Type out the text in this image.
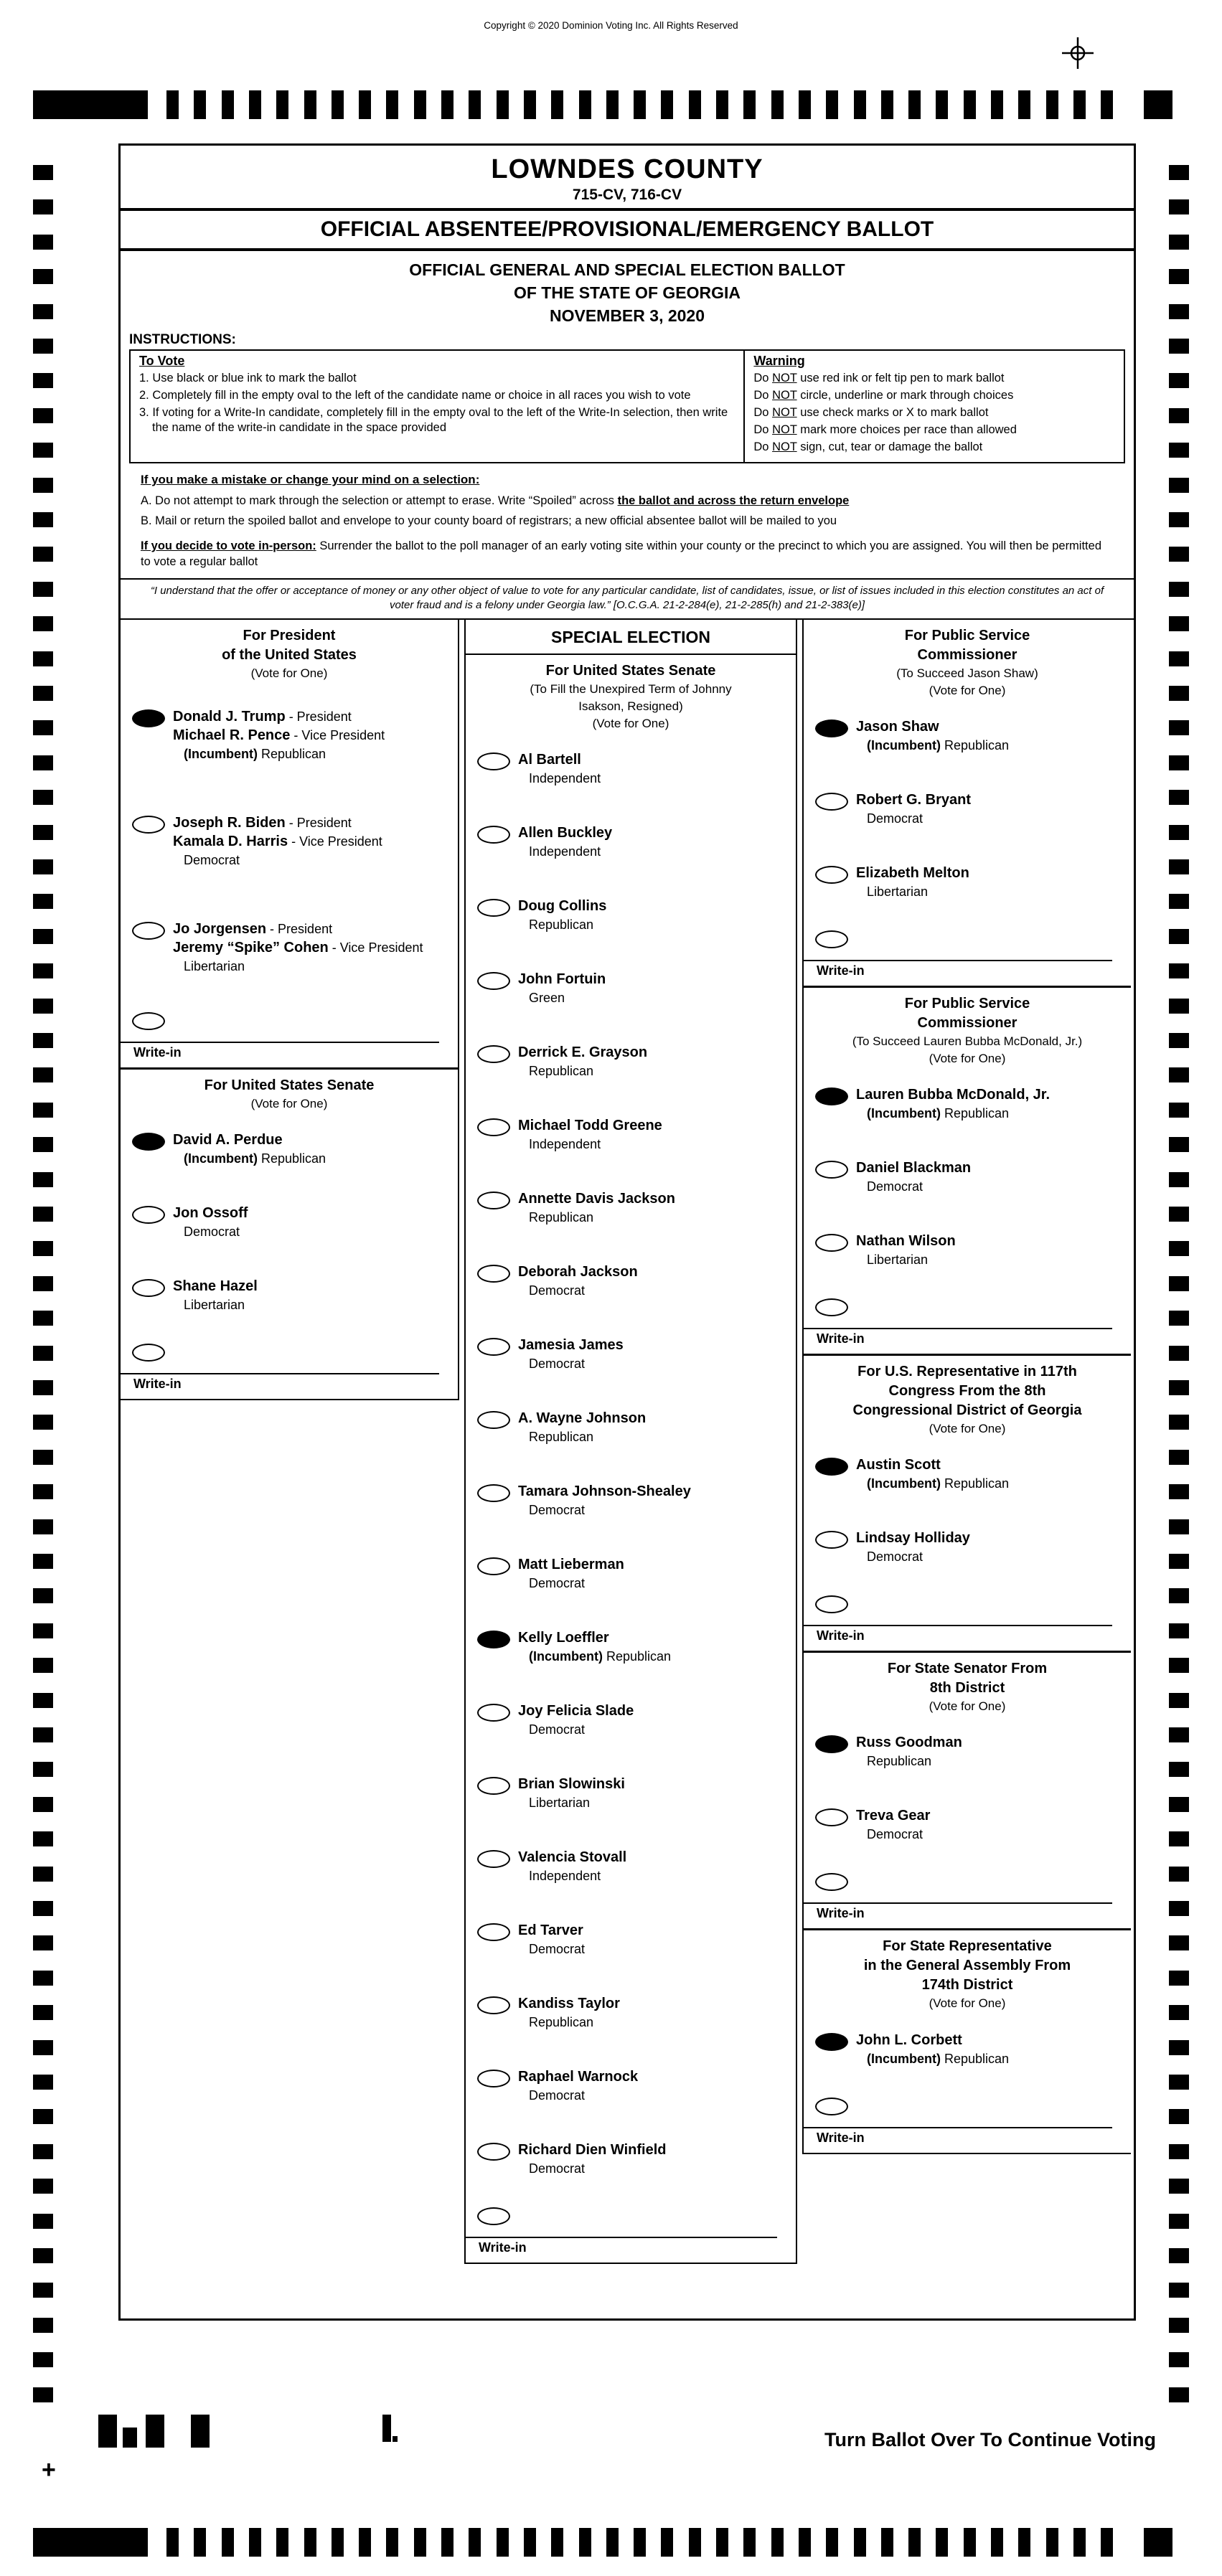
Copyright © 2020 Dominion Voting Inc. All Rights Reserved
LOWNDES COUNTY
715-CV, 716-CV
OFFICIAL ABSENTEE/PROVISIONAL/EMERGENCY BALLOT
OFFICIAL GENERAL AND SPECIAL ELECTION BALLOT
OF THE STATE OF GEORGIA
NOVEMBER 3, 2020
INSTRUCTIONS:
To Vote
1. Use black or blue ink to mark the ballot
2. Completely fill in the empty oval to the left of the candidate name or choice in all races you wish to vote
3. If voting for a Write-In candidate, completely fill in the empty oval to the left of the Write-In selection, then write the name of the write-in candidate in the space provided
Warning
Do NOT use red ink or felt tip pen to mark ballot
Do NOT circle, underline or mark through choices
Do NOT use check marks or X to mark ballot
Do NOT mark more choices per race than allowed
Do NOT sign, cut, tear or damage the ballot
If you make a mistake or change your mind on a selection:

A. Do not attempt to mark through the selection or attempt to erase. Write “Spoiled” across the ballot and across the return envelope

B. Mail or return the spoiled ballot and envelope to your county board of registrars; a new official absentee ballot will be mailed to you

If you decide to vote in-person: Surrender the ballot to the poll manager of an early voting site within your county or the precinct to which you are assigned. You will then be permitted to vote a regular ballot

“I understand that the offer or acceptance of money or any other object of value to vote for any particular candidate, list of candidates, issue, or list of issues included in this election constitutes an act of voter fraud and is a felony under Georgia law.” [O.C.G.A. 21-2-284(e), 21-2-285(h) and 21-2-383(e)]
For President
of the United States
(Vote for One)
Donald J. Trump - President
Michael R. Pence - Vice President
(Incumbent) Republican
Joseph R. Biden - President
Kamala D. Harris - Vice President
Democrat
Jo Jorgensen - President
Jeremy “Spike” Cohen - Vice President
Libertarian
Write-in
For United States Senate
(Vote for One)
David A. Perdue
(Incumbent) Republican
Jon Ossoff
Democrat
Shane Hazel
Libertarian
Write-in
SPECIAL ELECTION
For United States Senate
(To Fill the Unexpired Term of Johnny
Isakson, Resigned)
(Vote for One)
Al Bartell
Independent
Allen Buckley
Independent
Doug Collins
Republican
John Fortuin
Green
Derrick E. Grayson
Republican
Michael Todd Greene
Independent
Annette Davis Jackson
Republican
Deborah Jackson
Democrat
Jamesia James
Democrat
A. Wayne Johnson
Republican
Tamara Johnson-Shealey
Democrat
Matt Lieberman
Democrat
Kelly Loeffler
(Incumbent) Republican
Joy Felicia Slade
Democrat
Brian Slowinski
Libertarian
Valencia Stovall
Independent
Ed Tarver
Democrat
Kandiss Taylor
Republican
Raphael Warnock
Democrat
Richard Dien Winfield
Democrat
Write-in
For Public Service
Commissioner
(To Succeed Jason Shaw)
(Vote for One)
Jason Shaw
(Incumbent) Republican
Robert G. Bryant
Democrat
Elizabeth Melton
Libertarian
Write-in
For Public Service
Commissioner
(To Succeed Lauren Bubba McDonald, Jr.)
(Vote for One)
Lauren Bubba McDonald, Jr.
(Incumbent) Republican
Daniel Blackman
Democrat
Nathan Wilson
Libertarian
Write-in
For U.S. Representative in 117th
Congress From the 8th
Congressional District of Georgia
(Vote for One)
Austin Scott
(Incumbent) Republican
Lindsay Holliday
Democrat
Write-in
For State Senator From
8th District
(Vote for One)
Russ Goodman
Republican
Treva Gear
Democrat
Write-in
For State Representative
in the General Assembly From
174th District
(Vote for One)
John L. Corbett
(Incumbent) Republican
Write-in
+
Turn Ballot Over To Continue Voting
